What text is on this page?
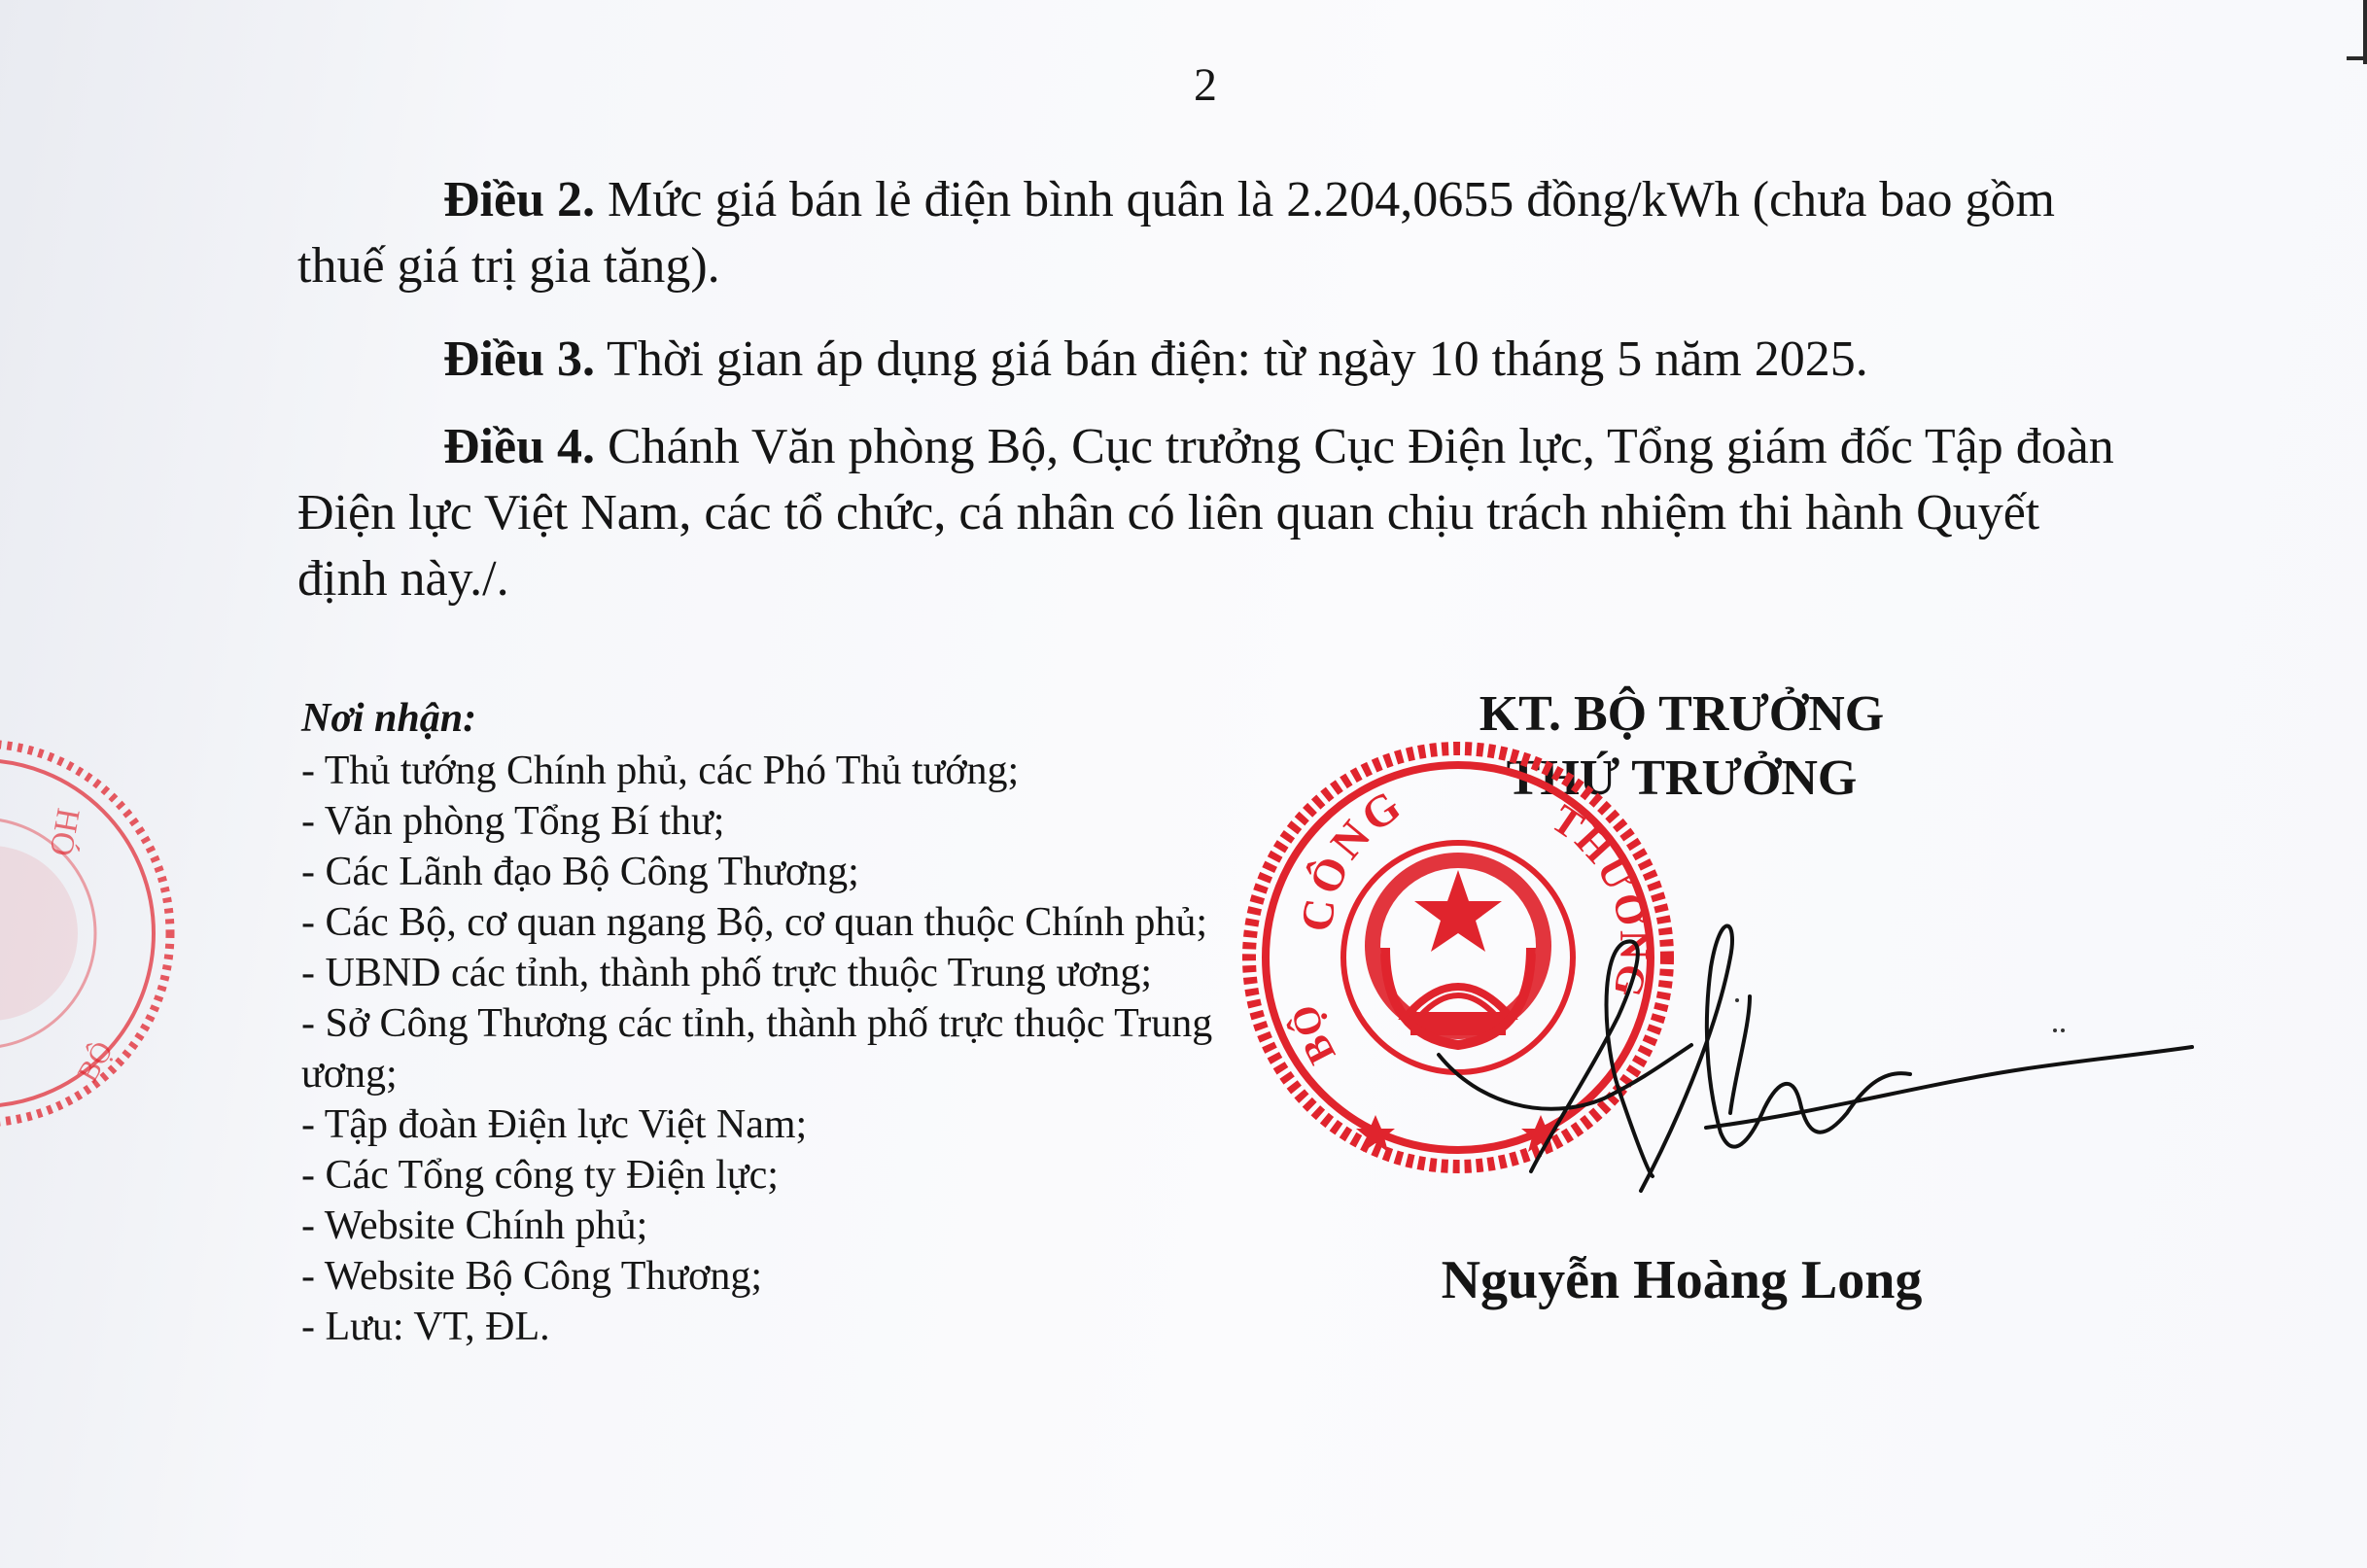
2

Điều 2. Mức giá bán lẻ điện bình quân là 2.204,0655 đồng/kWh (chưa bao gồm thuế giá trị gia tăng).

Điều 3. Thời gian áp dụng giá bán điện: từ ngày 10 tháng 5 năm 2025.

Điều 4. Chánh Văn phòng Bộ, Cục trưởng Cục Điện lực, Tổng giám đốc Tập đoàn Điện lực Việt Nam, các tổ chức, cá nhân có liên quan chịu trách nhiệm thi hành Quyết định này./.

Nơi nhận:

- Thủ tướng Chính phủ, các Phó Thủ tướng;

- Văn phòng Tổng Bí thư;

- Các Lãnh đạo Bộ Công Thương;

- Các Bộ, cơ quan ngang Bộ, cơ quan thuộc Chính phủ;

- UBND các tỉnh, thành phố trực thuộc Trung ương;

- Sở Công Thương các tỉnh, thành phố trực thuộc Trung ương;

- Tập đoàn Điện lực Việt Nam;

- Các Tổng công ty Điện lực;

- Website Chính phủ;

- Website Bộ Công Thương;

- Lưu: VT, ĐL.

HÓ
BỘ
KT. BỘ TRƯỞNG
THỨ TRƯỞNG
CÔNG	THƯƠNG
BỘ
Nguyễn Hoàng Long
